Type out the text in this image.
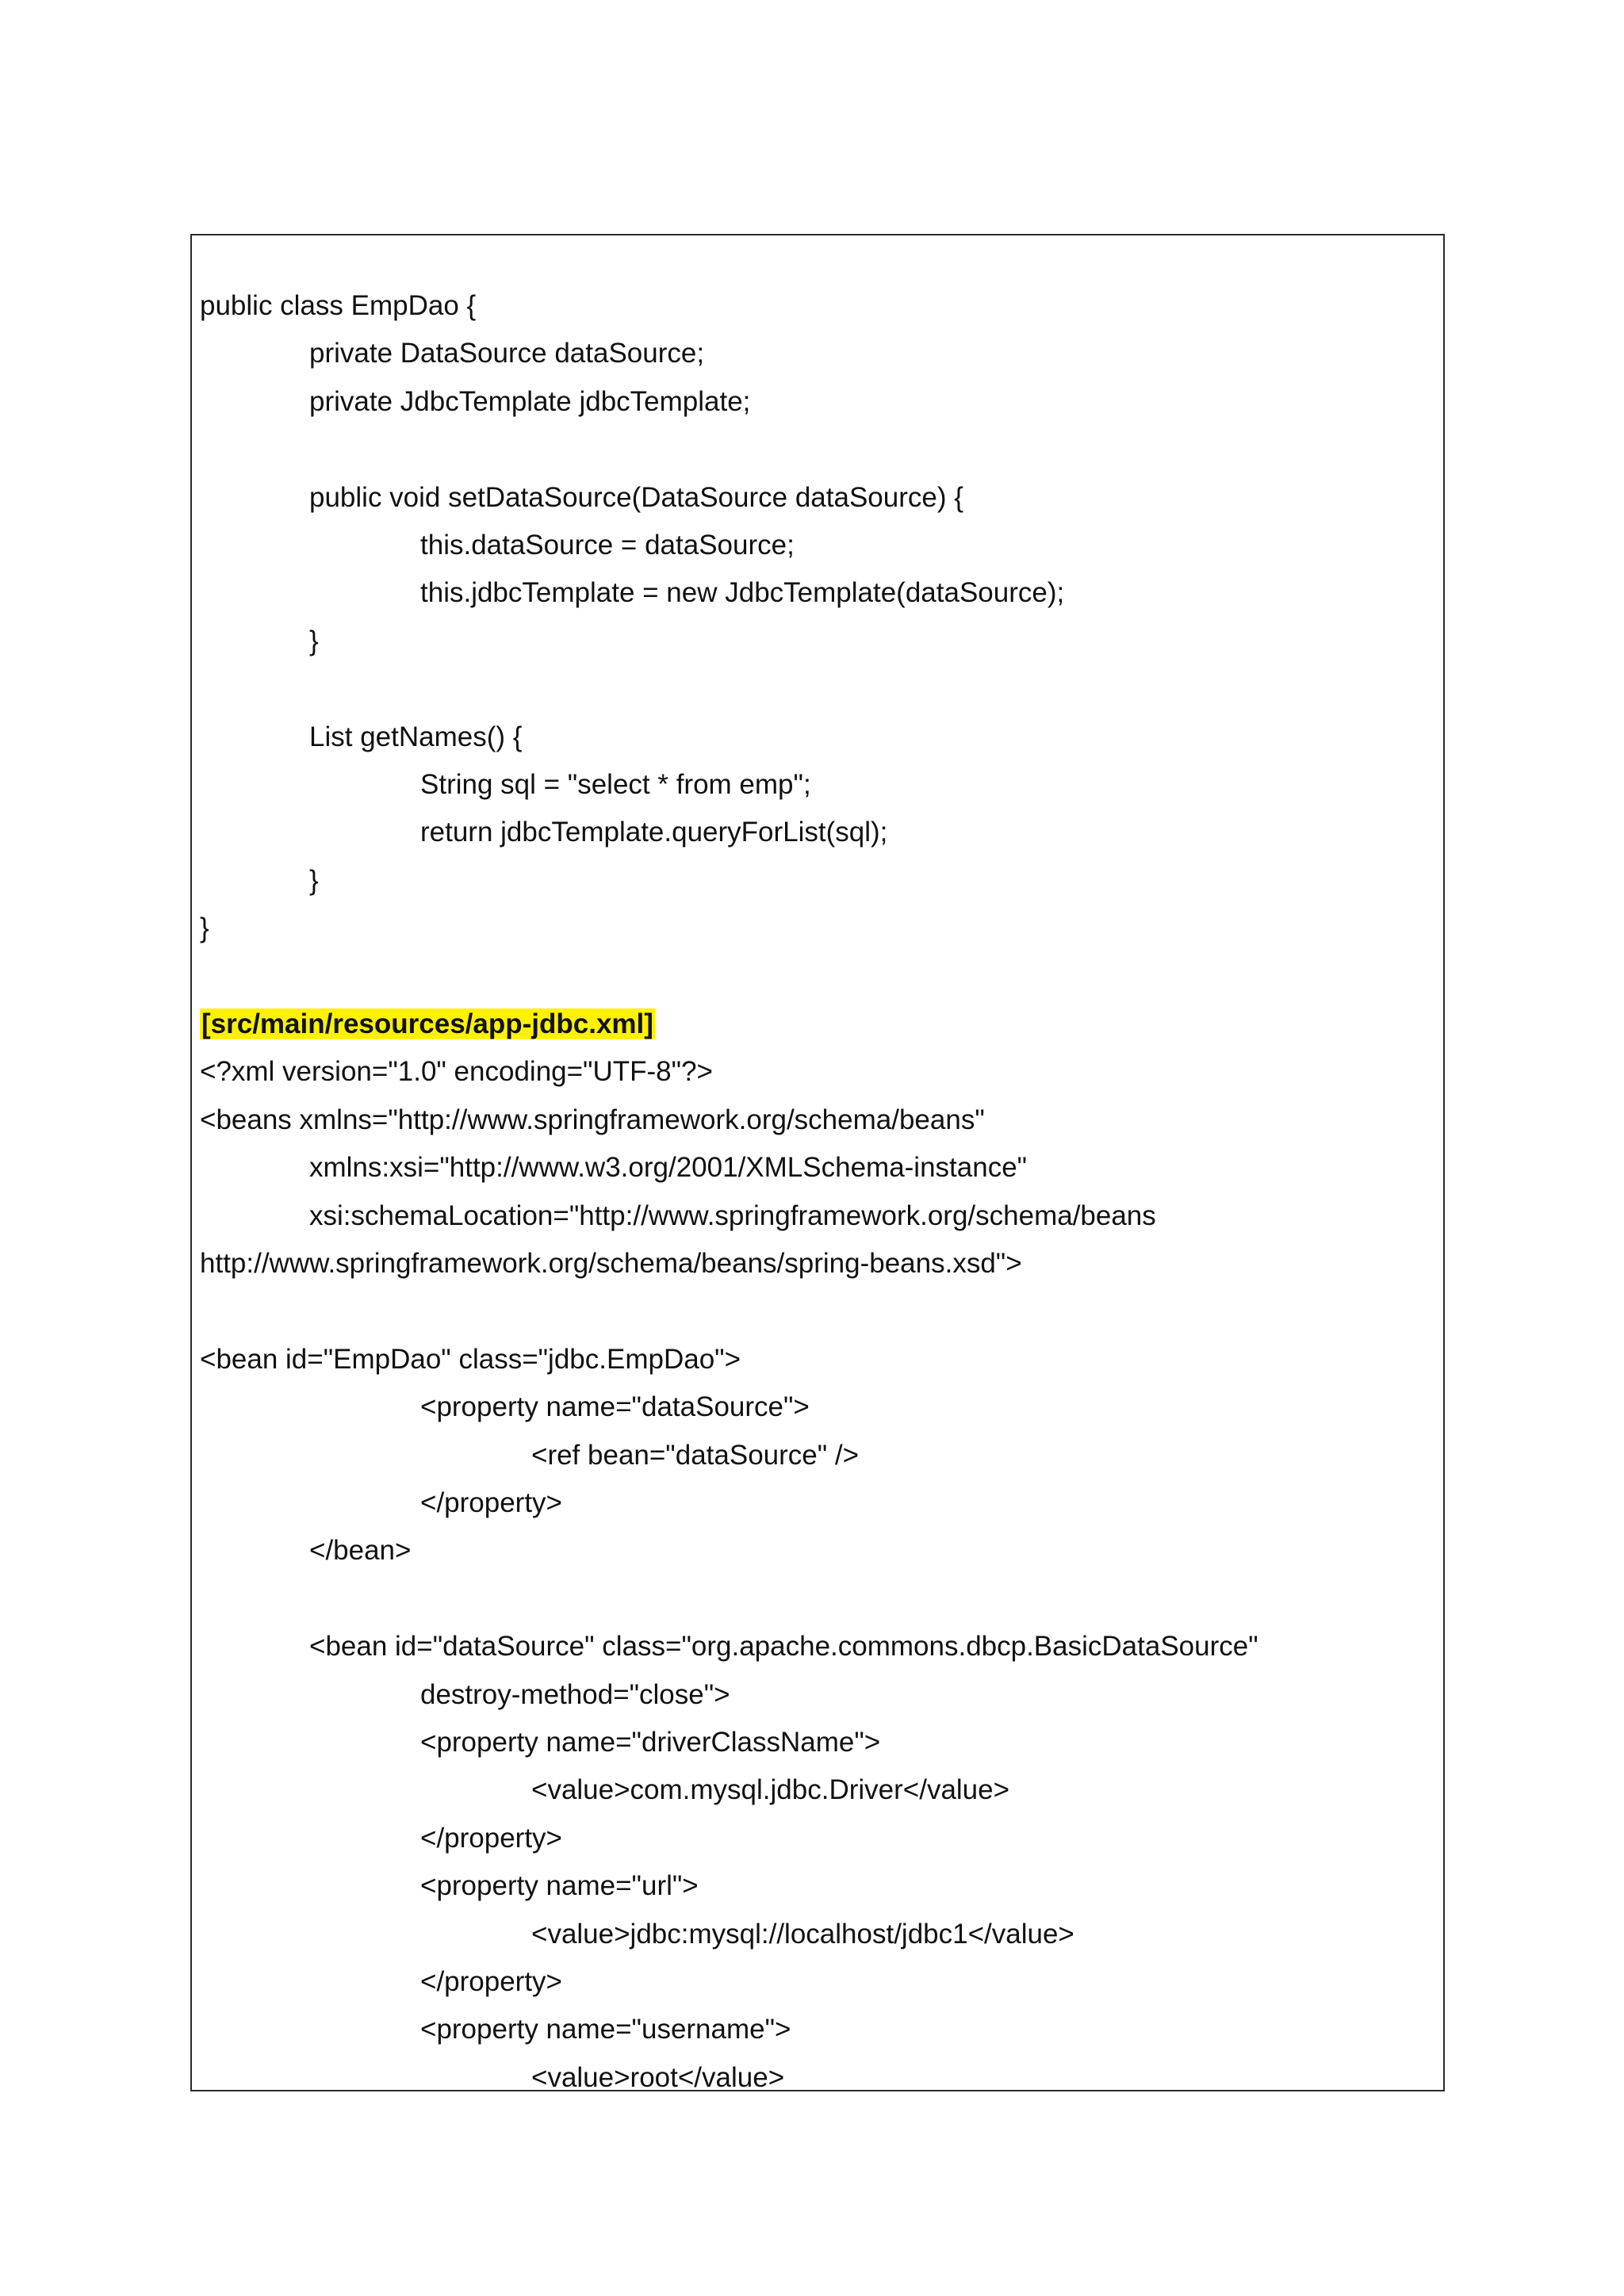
public class EmpDao {
private DataSource dataSource;
private JdbcTemplate jdbcTemplate;
public void setDataSource(DataSource dataSource) {
this.dataSource = dataSource;
this.jdbcTemplate = new JdbcTemplate(dataSource);
}
List getNames() {
String sql = "select * from emp";
return jdbcTemplate.queryForList(sql);
}
}
[src/main/resources/app-jdbc.xml]
<?xml version="1.0" encoding="UTF-8"?>
<beans xmlns="http://www.springframework.org/schema/beans"
xmlns:xsi="http://www.w3.org/2001/XMLSchema-instance"
xsi:schemaLocation="http://www.springframework.org/schema/beans
http://www.springframework.org/schema/beans/spring-beans.xsd">
<bean id="EmpDao" class="jdbc.EmpDao">
<property name="dataSource">
<ref bean="dataSource" />
</property>
</bean>
<bean id="dataSource" class="org.apache.commons.dbcp.BasicDataSource"
destroy-method="close">
<property name="driverClassName">
<value>com.mysql.jdbc.Driver</value>
</property>
<property name="url">
<value>jdbc:mysql://localhost/jdbc1</value>
</property>
<property name="username">
<value>root</value>
